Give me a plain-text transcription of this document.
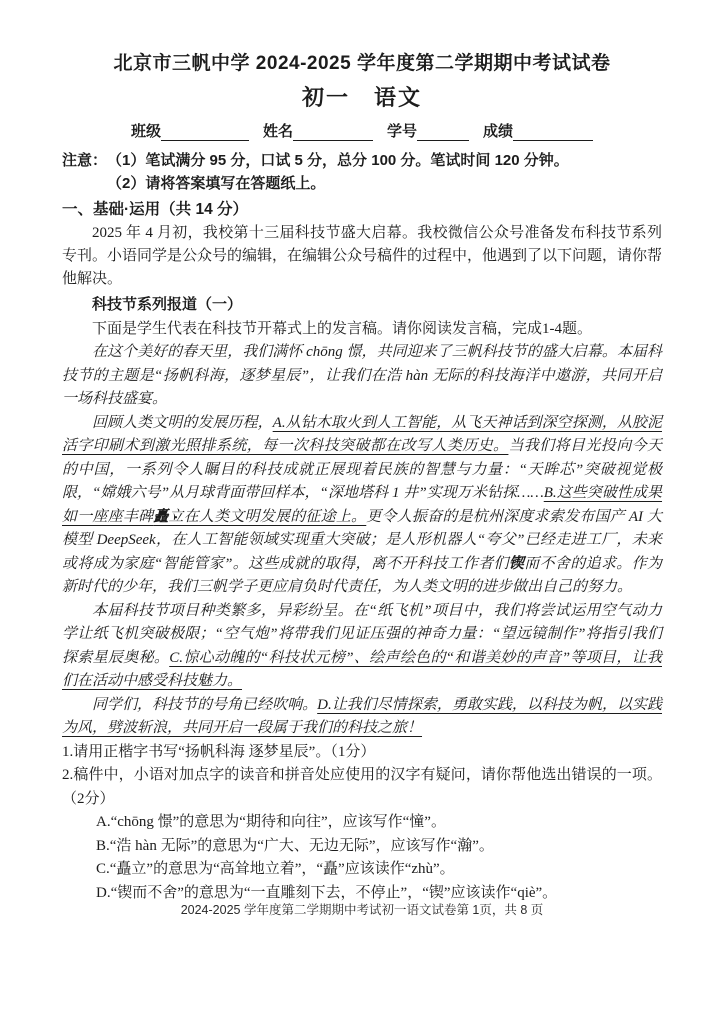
北京市三帆中学 2024-2025 学年度第二学期期中考试试卷
初一　语文
班级	姓名	学号	成绩
注意： （1）笔试满分 95 分，口试 5 分，总分 100 分。笔试时间 120 分钟。
（2）请将答案填写在答题纸上。
一、基础·运用（共 14 分）

2025 年 4 月初，我校第十三届科技节盛大启幕。我校微信公众号准备发布科技节系列专刊。小语同学是公众号的编辑，在编辑公众号稿件的过程中，他遇到了以下问题，请你帮他解决。

科技节系列报道（一）

下面是学生代表在科技节开幕式上的发言稿。请你阅读发言稿，完成1-4题。

在这个美好的春天里，我们满怀 chōng 憬，共同迎来了三帆科技节的盛大启幕。本届科技节的主题是“扬帆科海，逐梦星辰”，让我们在浩 hàn 无际的科技海洋中遨游，共同开启一场科技盛宴。

回顾人类文明的发展历程，A.从钻木取火到人工智能，从飞天神话到深空探测，从胶泥活字印刷术到激光照排系统，每一次科技突破都在改写人类历史。当我们将目光投向今天的中国，一系列令人瞩目的科技成就正展现着民族的智慧与力量：“天眸芯”突破视觉极限，“嫦娥六号”从月球背面带回样本，“深地塔科 1 井”实现万米钻探……B.这些突破性成果如一座座丰碑矗 •立在人类文明发展的征途上。更令人振奋的是杭州深度求索发布国产 AI 大模型 DeepSeek，在人工智能领域实现重大突破；是人形机器人“夸父”已经走进工厂，未来或将成为家庭“智能管家”。这些成就的取得，离不开科技工作者们锲 •而不舍的追求。作为新时代的少年，我们三帆学子更应肩负时代责任，为人类文明的进步做出自己的努力。

本届科技节项目种类繁多，异彩纷呈。在“纸飞机”项目中，我们将尝试运用空气动力学让纸飞机突破极限；“空气炮”将带我们见证压强的神奇力量：“望远镜制作”将指引我们探索星辰奥秘。C.惊心动魄的“科技状元榜”、绘声绘色的“和谐美妙的声音”等项目，让我们在活动中感受科技魅力。

同学们，科技节的号角已经吹响。D.让我们尽情探索，勇敢实践，以科技为帆，以实践为风，劈波斩浪，共同开启一段属于我们的科技之旅！

1.请用正楷字书写“扬帆科海 逐梦星辰”。（1分）

2.稿件中，小语对加点字的读音和拼音处应使用的汉字有疑问，请你帮他选出错误的一项。（2分）

A.“chōng 憬”的意思为“期待和向往”，应该写作“憧”。

B.“浩 hàn 无际”的意思为“广大、无边无际”，应该写作“瀚”。

C.“矗立”的意思为“高耸地立着”，“矗”应该读作“zhù”。

D.“锲而不舍”的意思为“一直雕刻下去，不停止”，“锲”应该读作“qiè”。

2024-2025 学年度第二学期期中考试初一语文试卷第 1页，共 8 页
